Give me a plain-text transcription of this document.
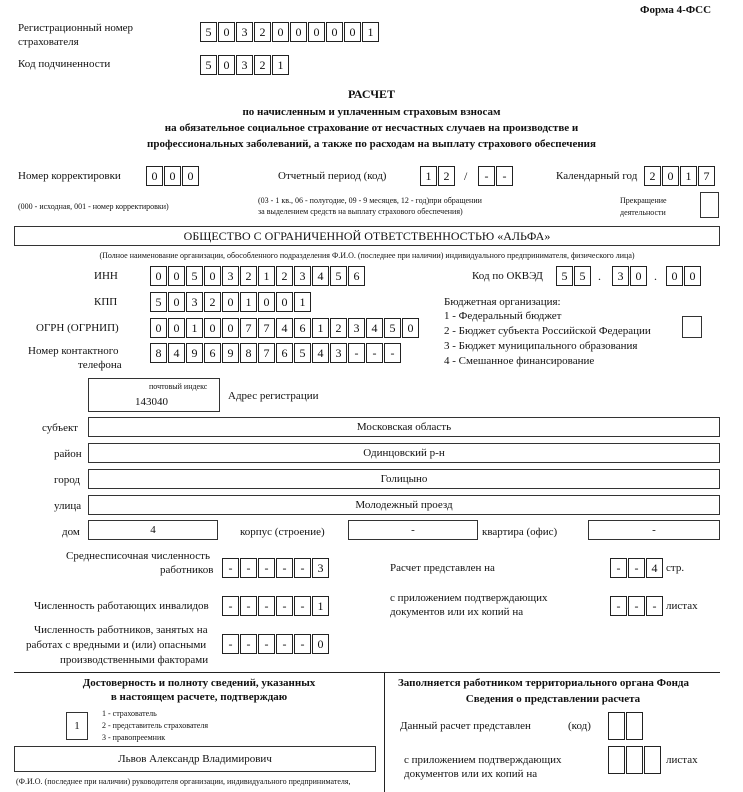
Форма 4-ФСС
Регистрационный номер
страхователя
5	0	3	2	0	0	0	0	0	1
Код подчиненности	5	0	3	2	1
РАСЧЕТ
по начисленным и уплаченным страховым взносам
на обязательное социальное страхование от несчастных случаев на производстве и
профессиональных заболеваний, а также по расходам на выплату страхового обеспечения
Номер корректировки	0	0	0
(000 - исходная, 001 - номер корректировки)
Отчетный период (код)	1	2	/	-	-
(03 - 1 кв., 06 - полугодие, 09 - 9 месяцев, 12 - год)при обращении
за выделением средств на выплату страхового обеспечения)
Календарный год	2	0	1	7
Прекращение
деятельности
ОБЩЕСТВО С ОГРАНИЧЕННОЙ ОТВЕТСТВЕННОСТЬЮ «АЛЬФА»
(Полное наименование организации, обособленного подразделения Ф.И.О. (последнее при наличии) индивидуального предпринимателя, физического лица)
ИНН	0	0	5	0	3	2	1	2	3	4	5	6
КПП	5	0	3	2	0	1	0	0	1
ОГРН (ОГРНИП)	0	0	1	0	0	7	7	4	6	1	2	3	4	5	0
Номер контактного
телефона
8	4	9	6	9	8	7	6	5	4	3	-	-	-
Код по ОКВЭД	5	5	.	3	0	.	0	0
Бюджетная организация:
1 - Федеральный бюджет
2 - Бюджет субъекта Российской Федерации
3 - Бюджет муниципального образования
4 - Смешанное финансирование
почтовый индекс
143040	Адрес регистрации
субъект	Московская область
район	Одинцовский р-н
город	Голицыно
улица	Молодежный проезд
дом	4	корпус (строение)	-	квартира (офис)	-
Среднесписочная численность
работников	-	-	-	-	-	3
Численность работающих инвалидов	-	-	-	-	-	1
Численность работников, занятых на
работах с вредными и (или) опасными
производственными факторами
-	-	-	-	-	0
Расчет представлен на	-	-	4 стр.
с приложением подтверждающих
документов или их копий на	-	-	- листах
Достоверность и полноту сведений, указанных
в настоящем расчете, подтверждаю
1
1 - страхователь
2 - представитель страхователя
3 - правопреемник
Львов Александр Владимирович
(Ф.И.О. (последнее при наличии) руководителя организации, индивидуального предпринимателя,
Заполняется работником территориального органа Фонда
Сведения о представлении расчета
Данный расчет представлен	(код)
с приложением подтверждающих
документов или их копий на
листах
